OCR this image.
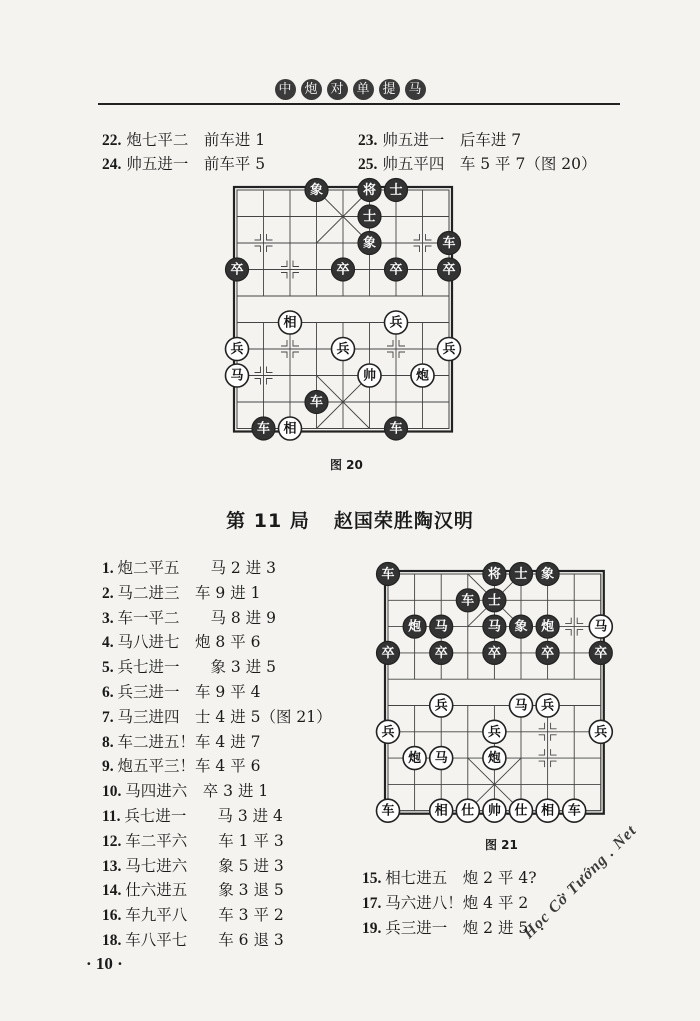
中 炮 对 单 提 马
22. 炮七平二　前车进 1
24. 帅五进一　前车平 5
23. 帅五进一　后车进 7
25. 帅五平四　车 5 平 7（图 20）
象	将 士
士
象	车
卒	卒	卒	卒
相	兵
兵	兵	兵
马	帅	炮
车
车 相	车
图 20
第 11 局 赵国荣胜陶汉明
1. 炮二平五　　马 2 进 3
2. 马二进三　车 9 进 1
3. 车一平二　　马 8 进 9
4. 马八进七　炮 8 平 6
5. 兵七进一　　象 3 进 5
6. 兵三进一　车 9 平 4
7. 马三进四　士 4 进 5（图 21）
8. 车二进五！车 4 进 7
9. 炮五平三！车 4 平 6
10. 马四进六　卒 3 进 1
11. 兵七进一　　马 3 进 4
12. 车二平六　　车 1 平 3
13. 马七进六　　象 5 进 3
14. 仕六进五　　象 3 退 5
16. 车九平八　　车 3 平 2
18. 车八平七　　车 6 退 3
车	将 士 象
车 士
炮 马	马 象 炮	马
卒	卒	卒	卒	卒
兵	马 兵
兵	兵	兵
炮 马	炮
车	相 仕 帅 仕 相 车
图 21
15. 相七进五　炮 2 平 4?
17. 马六进八！炮 4 平 2
19. 兵三进一　炮 2 进 5
· 10 ·
Học Cờ Tướng . Net
